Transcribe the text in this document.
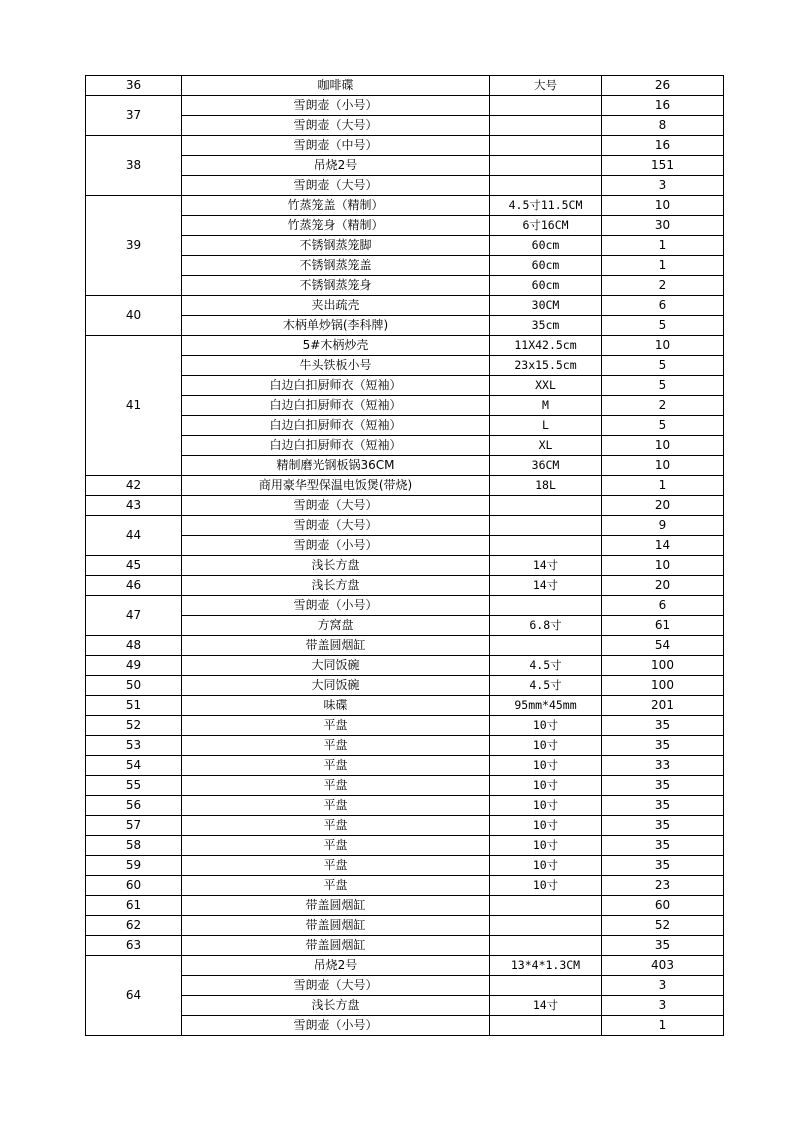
36	咖啡碟	大号	26
37	雪朗壶（小号）		16
	雪朗壶（大号）		8
38	雪朗壶（中号）		16
	吊烧2号		151
	雪朗壶（大号）		3
39	竹蒸笼盖（精制）	4.5寸11.5CM	10
	竹蒸笼身（精制）	6寸16CM	30
	不锈钢蒸笼脚	60cm	1
	不锈钢蒸笼盖	60cm	1
	不锈钢蒸笼身	60cm	2
40	夹出疏壳	30CM	6
	木柄单炒锅(李科牌)	35cm	5
41	5#木柄炒壳	11X42.5cm	10
	牛头铁板小号	23x15.5cm	5
	白边白扣厨师衣（短袖）	XXL	5
	白边白扣厨师衣（短袖）	M	2
	白边白扣厨师衣（短袖）	L	5
	白边白扣厨师衣（短袖）	XL	10
	精制磨光钢板锅36CM	36CM	10
42	商用豪华型保温电饭煲(带烧)	18L	1
43	雪朗壶（大号）		20
44	雪朗壶（大号）		9
	雪朗壶（小号）		14
45	浅长方盘	14寸	10
46	浅长方盘	14寸	20
47	雪朗壶（小号）		6
	方窝盘	6.8寸	61
48	带盖圆烟缸		54
49	大同饭碗	4.5寸	100
50	大同饭碗	4.5寸	100
51	味碟	95mm*45mm	201
52	平盘	10寸	35
53	平盘	10寸	35
54	平盘	10寸	33
55	平盘	10寸	35
56	平盘	10寸	35
57	平盘	10寸	35
58	平盘	10寸	35
59	平盘	10寸	35
60	平盘	10寸	23
61	带盖圆烟缸		60
62	带盖圆烟缸		52
63	带盖圆烟缸		35
64	吊烧2号	13*4*1.3CM	403
	雪朗壶（大号）		3
	浅长方盘	14寸	3
	雪朗壶（小号）		1
